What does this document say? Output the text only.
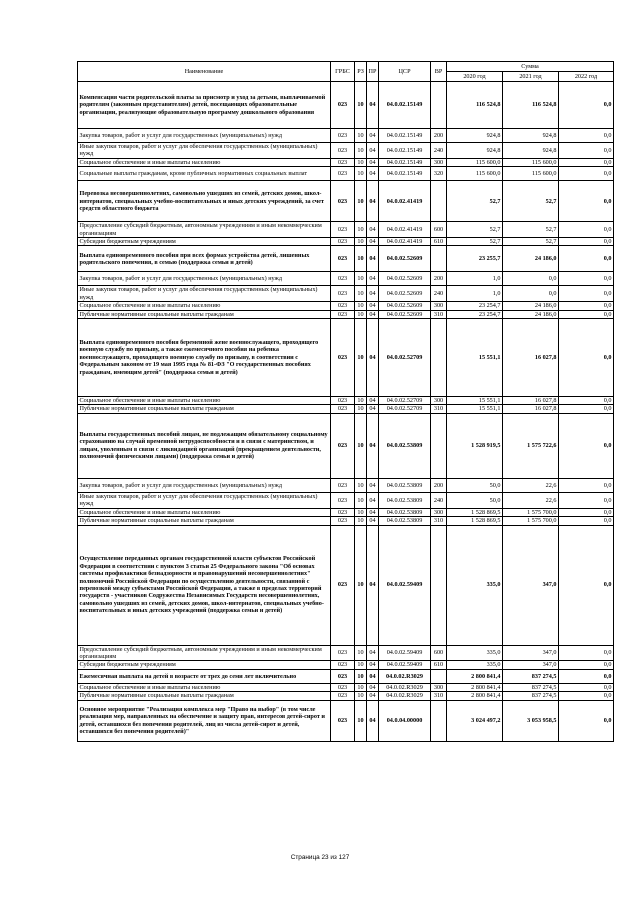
Наименование	ГРБС	РЗ	ПР	ЦСР	ВР	Сумма		
						2020 год	2021 год	2022 год
Компенсация части родительской платы за присмотр и уход за детьми, выплачиваемой родителям (законным представителям) детей, посещающих образовательные организации, реализующие образовательную программу дошкольного образования	023	10	04	04.0.02.15149		116 524,8	116 524,8	0,0
Закупка товаров, работ и услуг для государственных (муниципальных) нужд	023	10	04	04.0.02.15149	200	924,8	924,8	0,0
Иные закупки товаров, работ и услуг для обеспечения государственных (муниципальных) нужд	023	10	04	04.0.02.15149	240	924,8	924,8	0,0
Социальное обеспечение и иные выплаты населению	023	10	04	04.0.02.15149	300	115 600,0	115 600,0	0,0
Социальные выплаты гражданам, кроме публичных нормативных социальных выплат	023	10	04	04.0.02.15149	320	115 600,0	115 600,0	0,0
Перевозка несовершеннолетних, самовольно ушедших из семей, детских домов, школ-интернатов, специальных учебно-воспитательных и иных детских учреждений, за счет средств областного бюджета	023	10	04	04.0.02.41419		52,7	52,7	0,0
Предоставление субсидий бюджетным, автономным учреждениям и иным некоммерческим организациям	023	10	04	04.0.02.41419	600	52,7	52,7	0,0
Субсидии бюджетным учреждениям	023	10	04	04.0.02.41419	610	52,7	52,7	0,0
Выплата единовременного пособия при всех формах устройства детей, лишенных родительского попечения, в семью (поддержка семьи и детей)	023	10	04	04.0.02.52609		23 255,7	24 186,0	0,0
Закупка товаров, работ и услуг для государственных (муниципальных) нужд	023	10	04	04.0.02.52609	200	1,0	0,0	0,0
Иные закупки товаров, работ и услуг для обеспечения государственных (муниципальных) нужд	023	10	04	04.0.02.52609	240	1,0	0,0	0,0
Социальное обеспечение и иные выплаты населению	023	10	04	04.0.02.52609	300	23 254,7	24 186,0	0,0
Публичные нормативные социальные выплаты гражданам	023	10	04	04.0.02.52609	310	23 254,7	24 186,0	0,0
Выплата единовременного пособия беременной жене военнослужащего, проходящего военную службу по призыву, а также ежемесячного пособия на ребенка военнослужащего, проходящего военную службу по призыву, в соответствии с Федеральным законом от 19 мая 1995 года № 81-ФЗ "О государственных пособиях гражданам, имеющим детей" (поддержка семьи и детей)	023	10	04	04.0.02.52709		15 551,1	16 027,8	0,0
Социальное обеспечение и иные выплаты населению	023	10	04	04.0.02.52709	300	15 551,1	16 027,8	0,0
Публичные нормативные социальные выплаты гражданам	023	10	04	04.0.02.52709	310	15 551,1	16 027,8	0,0
Выплаты государственных пособий лицам, не подлежащим обязательному социальному страхованию на случай временной нетрудоспособности и в связи с материнством, и лицам, уволенным в связи с ликвидацией организаций (прекращением деятельности, полномочий физическими лицами) (поддержка семьи и детей)	023	10	04	04.0.02.53809		1 528 919,5	1 575 722,6	0,0
Закупка товаров, работ и услуг для государственных (муниципальных) нужд	023	10	04	04.0.02.53809	200	50,0	22,6	0,0
Иные закупки товаров, работ и услуг для обеспечения государственных (муниципальных) нужд	023	10	04	04.0.02.53809	240	50,0	22,6	0,0
Социальное обеспечение и иные выплаты населению	023	10	04	04.0.02.53809	300	1 528 869,5	1 575 700,0	0,0
Публичные нормативные социальные выплаты гражданам	023	10	04	04.0.02.53809	310	1 528 869,5	1 575 700,0	0,0
Осуществление переданных органам государственной власти субъектов Российской Федерации в соответствии с пунктом 3 статьи 25 Федерального закона "Об основах системы профилактики безнадзорности и правонарушений несовершеннолетних" полномочий Российской Федерации по осуществлению деятельности, связанной с перевозкой между субъектами Российской Федерации, а также в пределах территорий государств - участников Содружества Независимых Государств несовершеннолетних, самовольно ушедших из семей, детских домов, школ-интернатов, специальных учебно-воспитательных и иных детских учреждений (поддержка семьи и детей)	023	10	04	04.0.02.59409		335,0	347,0	0,0
Предоставление субсидий бюджетным, автономным учреждениям и иным некоммерческим организациям	023	10	04	04.0.02.59409	600	335,0	347,0	0,0
Субсидии бюджетным учреждениям	023	10	04	04.0.02.59409	610	335,0	347,0	0,0
Ежемесячная выплата на детей в возрасте от трех до семи лет включительно	023	10	04	04.0.02.R3029		2 800 841,4	837 274,5	0,0
Социальное обеспечение и иные выплаты населению	023	10	04	04.0.02.R3029	300	2 800 841,4	837 274,5	0,0
Публичные нормативные социальные выплаты гражданам	023	10	04	04.0.02.R3029	310	2 800 841,4	837 274,5	0,0
Основное мероприятие "Реализация комплекса мер "Право на выбор" (в том числе реализация мер, направленных на обеспечение и защиту прав, интересов детей-сирот и детей, оставшихся без попечения родителей, лиц из числа детей-сирот и детей, оставшихся без попечения родителей)"	023	10	04	04.0.04.00000		3 024 497,2	3 053 958,5	0,0
Страница 23 из 127
